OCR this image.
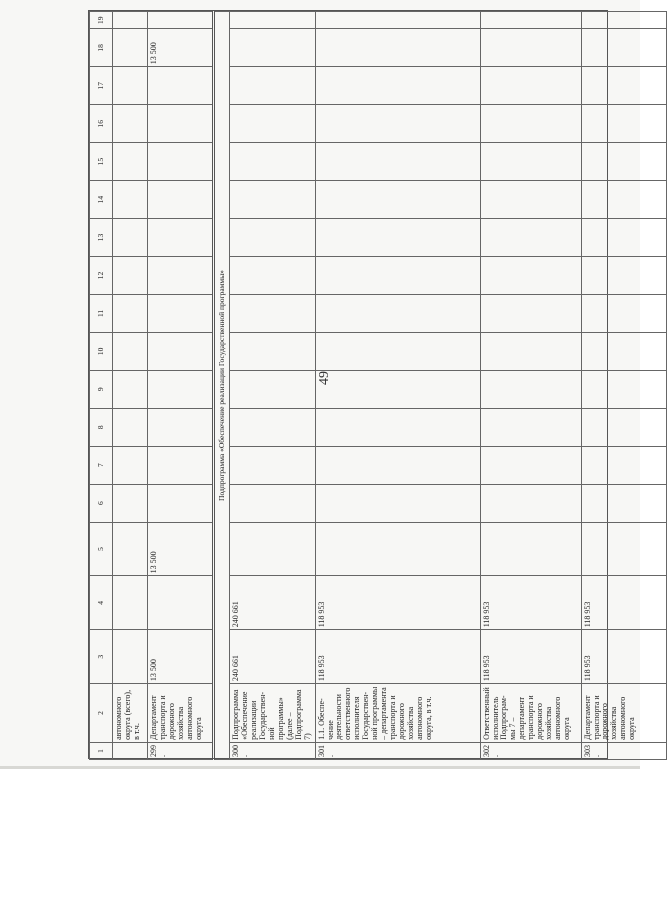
49
1	2	3	4	5	6	7	8	9	10	11	12	13	14	15	16	17	18	19
	автономного округа (всего), в т.ч.																	
299.	Департамент транспорта и дорожного хозяйства автономного округа	13 500		13 500													13 500	
Подпрограмма «Обеспечение реализации Государственной программы»																		
300.	Подпрограмма «Обеспечение реализации Государствен-ной программы» (далее – Подпрограмма 7)	240 661	240 661															
301.	1.1. Обеспе-чение деятельности ответственного исполнителя Государствен-ной программы – департамента транспорта и дорожного хозяйства автономного округа, в т.ч.	118 953	118 953															
302.	Ответственный исполнитель Подпрограм-мы 7 – департамент транспорта и дорожного хозяйства автономного округа	118 953	118 953															
303.	Департамент транспорта и дорожного хозяйства автономного округа	118 953	118 953															
